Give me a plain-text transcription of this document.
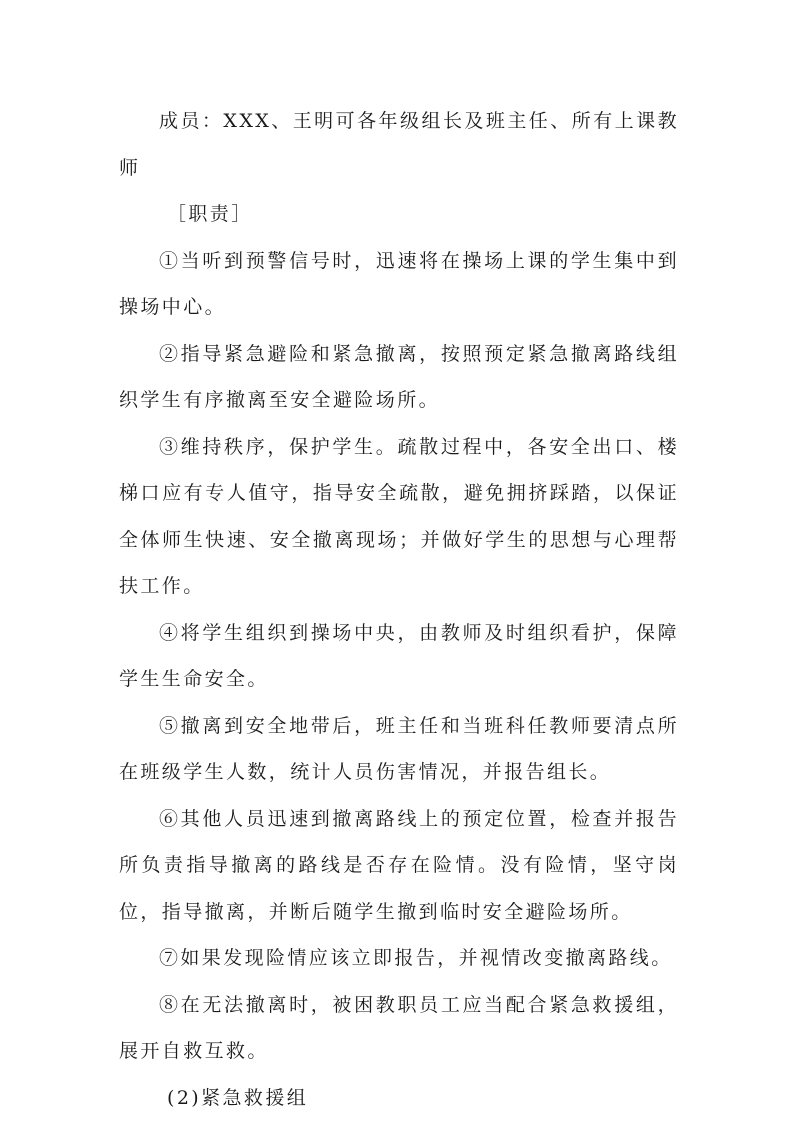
成员：XXX、王明可各年级组长及班主任、所有上课教师

［职责］

①当听到预警信号时，迅速将在操场上课的学生集中到操场中心。

②指导紧急避险和紧急撤离，按照预定紧急撤离路线组织学生有序撤离至安全避险场所。

③维持秩序，保护学生。疏散过程中，各安全出口、楼梯口应有专人值守，指导安全疏散，避免拥挤踩踏，以保证全体师生快速、安全撤离现场；并做好学生的思想与心理帮扶工作。

④将学生组织到操场中央，由教师及时组织看护，保障学生生命安全。

⑤撤离到安全地带后，班主任和当班科任教师要清点所在班级学生人数，统计人员伤害情况，并报告组长。

⑥其他人员迅速到撤离路线上的预定位置，检查并报告所负责指导撤离的路线是否存在险情。没有险情，坚守岗位，指导撤离，并断后随学生撤到临时安全避险场所。

⑦如果发现险情应该立即报告，并视情改变撤离路线。

⑧在无法撤离时，被困教职员工应当配合紧急救援组，展开自救互救。

(2)紧急救援组
